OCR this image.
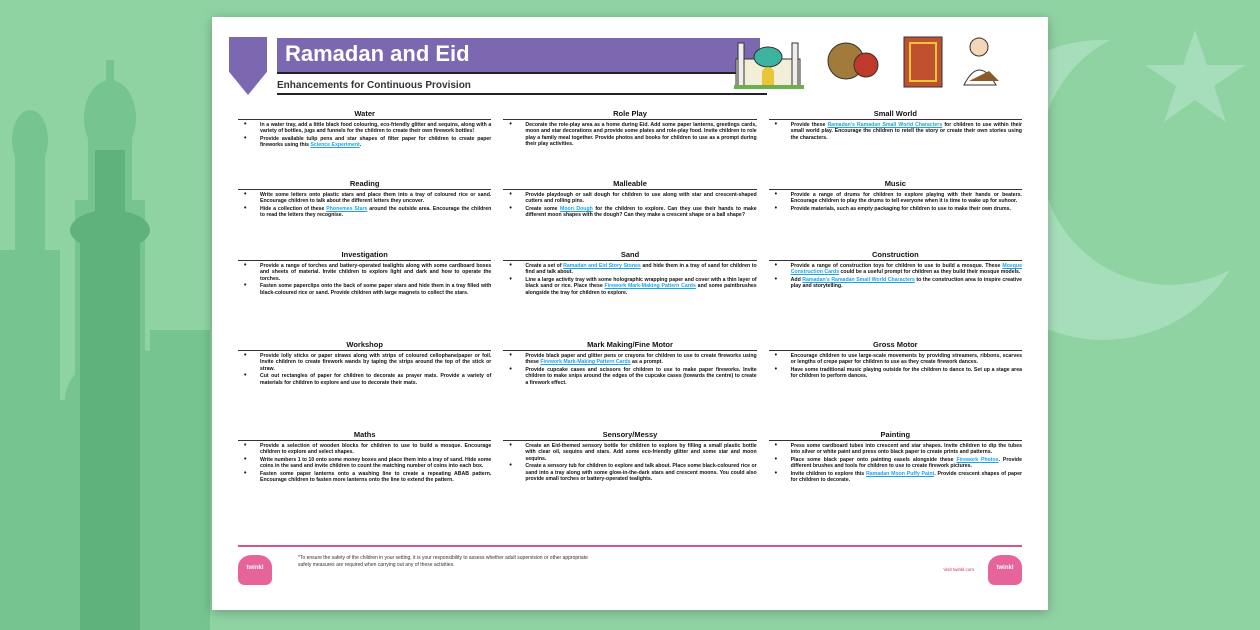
Ramadan and Eid
Enhancements for Continuous Provision
Water
• In a water tray, add a little black food colouring, eco-friendly glitter and sequins, along with a variety of bottles, jugs and funnels for the children to create their own firework bottles!
• Provide available tulip pens and star shapes of filter paper for children to create paper fireworks using this Science Experiment.
Reading
• Write some letters onto plastic stars and place them into a tray of coloured rice or sand. Encourage children to talk about the different letters they uncover.
• Hide a collection of these Phonemes Stars around the outside area. Encourage the children to read the letters they recognise.
Investigation
• Provide a range of torches and battery-operated tealights along with some cardboard boxes and sheets of material. Invite children to explore light and dark and how to operate the torches.
• Fasten some paperclips onto the back of some paper stars and hide them in a tray filled with black-coloured rice or sand. Provide children with large magnets to collect the stars.
Workshop
• Provide lolly sticks or paper straws along with strips of coloured cellophane/paper or foil. Invite children to create firework wands by taping the strips around the top of the stick or straw.
• Cut out rectangles of paper for children to decorate as prayer mats. Provide a variety of materials for children to explore and use to decorate their mats.
Maths
• Provide a selection of wooden blocks for children to use to build a mosque. Encourage children to explore and select shapes.
• Write numbers 1 to 10 onto some money boxes and place them into a tray of sand. Hide some coins in the sand and invite children to count the matching number of coins into each box.
• Fasten some paper lanterns onto a washing line to create a repeating ABAB pattern. Encourage children to fasten more lanterns onto the line to extend the pattern.
Role Play
• Decorate the role-play area as a home during Eid. Add some paper lanterns, greetings cards, moon and star decorations and provide some plates and role-play food. Invite children to role play a family meal together. Provide photos and books for children to use as a prompt during their play activities.
Malleable
• Provide playdough or salt dough for children to use along with star and crescent-shaped cutters and rolling pins.
• Create some Moon Dough for the children to explore. Can they use their hands to make different moon shapes with the dough? Can they make a crescent shape or a ball shape?
Sand
• Create a set of Ramadan and Eid Story Stones and hide them in a tray of sand for children to find and talk about.
• Line a large activity tray with some holographic wrapping paper and cover with a thin layer of black sand or rice. Place these Firework Mark-Making Pattern Cards and some paintbrushes alongside the tray for children to explore.
Mark Making/Fine Motor
• Provide black paper and glitter pens or crayons for children to use to create fireworks using these Firework Mark-Making Pattern Cards as a prompt.
• Provide cupcake cases and scissors for children to use to make paper fireworks. Invite children to make snips around the edges of the cupcake cases (towards the centre) to create a firework effect.
Sensory/Messy
• Create an Eid-themed sensory bottle for children to explore by filling a small plastic bottle with clear oil, sequins and stars. Add some eco-friendly glitter and some star and moon sequins.
• Create a sensory tub for children to explore and talk about. Place some black-coloured rice or sand into a tray along with some glow-in-the-dark stars and crescent moons. You could also provide small torches or battery-operated tealights.
Small World
• Provide these Ramadan's Ramadan Small World Characters for children to use within their small world play. Encourage the children to retell the story or create their own stories using the characters.
Music
• Provide a range of drums for children to explore playing with their hands or beaters. Encourage children to play the drums to tell everyone when it is time to wake up for suhoor.
• Provide materials, such as empty packaging for children to use to make their own drums.
Construction
• Provide a range of construction toys for children to use to build a mosque. These Mosque Construction Cards could be a useful prompt for children as they build their mosque models.
• Add Ramadan's Ramadan Small World Characters to the construction area to inspire creative play and storytelling.
Gross Motor
• Encourage children to use large-scale movements by providing streamers, ribbons, scarves or lengths of crepe paper for children to use as they create firework dances.
• Have some traditional music playing outside for the children to dance to. Set up a stage area for children to perform dances.
Painting
• Press some cardboard tubes into crescent and star shapes. Invite children to dip the tubes into silver or white paint and press onto black paper to create prints and patterns.
• Place some black paper onto painting easels alongside these Firework Photos. Provide different brushes and tools for children to use to create firework pictures.
• Invite children to explore this Ramadan Moon Puffy Paint. Provide crescent shapes of paper for children to decorate.
twinkl
*To ensure the safety of the children in your setting, it is your responsibility to assess whether adult supervision or other appropriate safety measures are required when carrying out any of these activities.
Visit twinkl.com	twinkl
